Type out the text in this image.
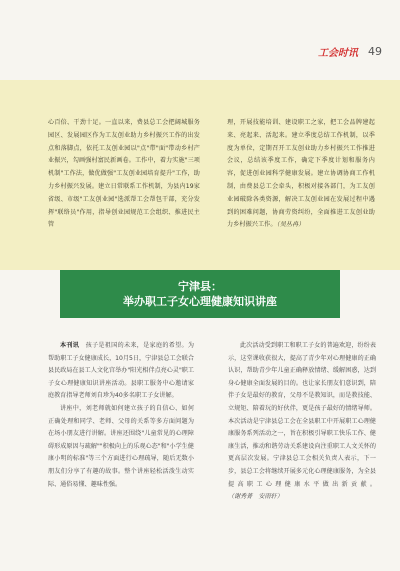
工会时讯 49

心百倍、干劲十足。一直以来，费县总工会把阔城服务园区、发展园区作为工友创业助力乡村振兴工作的出发点和落脚点，依托工友创业园以"点"带"面"带动乡村产业振兴，勾画强村富民新画卷。工作中，着力实施"三项机制"工作法，做优做强"工友创业园培育提升"工作，助力乡村振兴发展。建立日常联系工作机制，为县内19家省级、市级"工友创业园"选派帮工会帮包干部，充分发挥"联络员"作用，指导创业园规范工会组织、推进民主管

理，开展技能培训、建设职工之家，把工会品牌建起来、亮起来、活起来。建立季度总结工作机制，以季度为单位，定期召开工友创业助力乡村振兴工作推进会议，总结该季度工作，确定下季度计划和服务内容，促进创业园科学健康发展。建立协调协商工作机制，由费县总工会牵头，积极对接各部门，为工友创业园破除各类资源，解决工友创业园在发展过程中遇到的困难问题，协商劳资纠纷，全面推进工友创业助力乡村振兴工作。（吴丛冉）

宁津县：
举办职工子女心理健康知识讲座

本刊讯　 孩子是祖国的未来，是家庭的希望。为帮助职工子女健康成长，10月5日，宁津县总工会联合县民政局在县工人文化宫举办"阳光相伴点亮心灵"职工子女心理健康知识讲座活动。县职工服务中心邀请家庭教育指导老师刘自珍为40多名职工子女讲解。

讲座中，刘老师就如何建立孩子的自信心、如何正确处理和同学、老师、父母的关系等多方面问题为在场小朋友进行讲解。讲座还围绕"儿童常见的心理障碍形成原因与疏解""积极向上的乐观心态"和"小学生健康小明的标准"等三个方面进行心理疏导，随后无数小朋友们分享了有趣的故事。整个讲座轻松活泼生动实际、通俗易懂、趣味性强。

此次活动受到职工和职工子女的普遍欢迎，纷纷表示，这堂课收获很大，提高了青少年对心理健康的正确认识，帮助青少年儿童正确释放情绪、缓解困惑，达到身心健康全面发展的目的。也让家长朋友们意识到，陪伴子女是最好的教育，父母不是教知识，而是教技能、立规矩、陪着玩的好伙伴，更是孩子最好的情绪导师。本次活动是宁津县总工会在全县职工中开展职工心理健康服务系列活动之一，旨在积极引导职工快乐工作、健康生活，推动和谐劳动关系建设向注重职工人文关怀的更高层次发展。宁津县总工会相关负责人表示，下一步，县总工会将继续开展多元化心理健康服务，为全县提高职工心理健康水平做出新贡献。（谢秀菁　安雨轩）
